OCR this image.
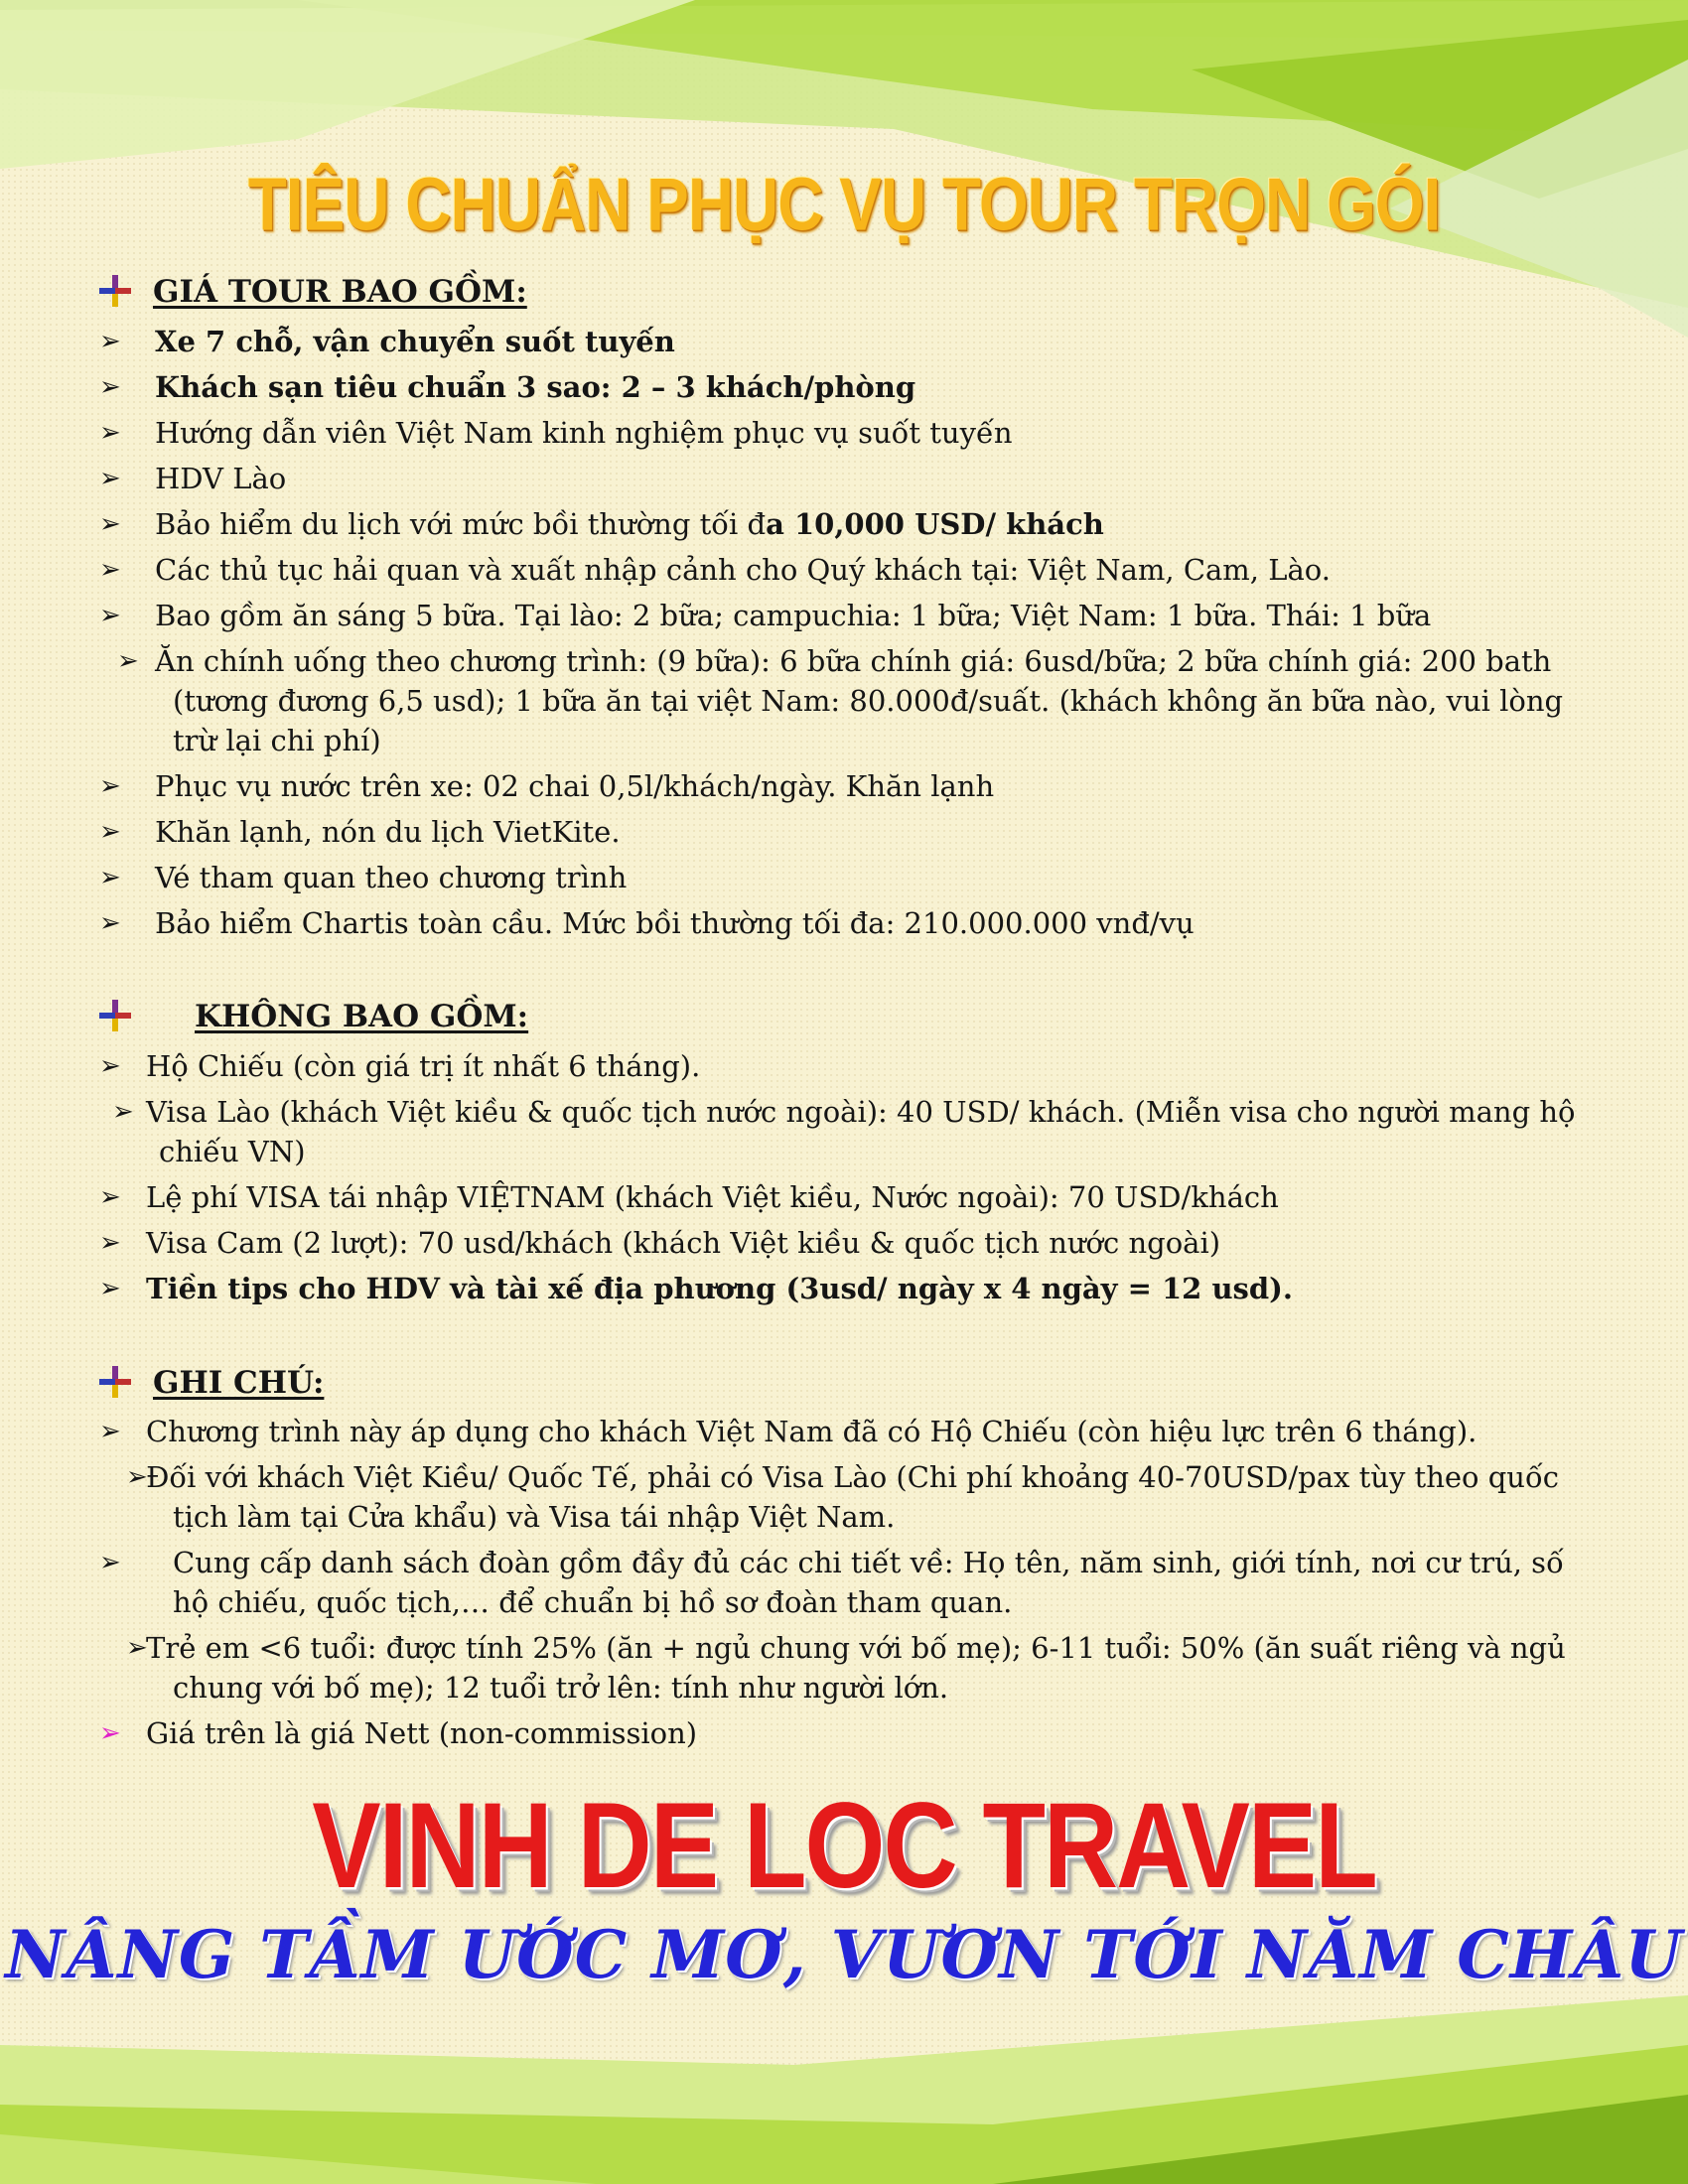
TIÊU CHUẨN PHỤC VỤ TOUR TRỌN GÓI
GIÁ TOUR BAO GỒM:
➢	Xe 7 chỗ, vận chuyển suốt tuyến
➢	Khách sạn tiêu chuẩn 3 sao: 2 – 3 khách/phòng
➢	Hướng dẫn viên Việt Nam kinh nghiệm phục vụ suốt tuyến
➢	HDV Lào
➢	Bảo hiểm du lịch với mức bồi thường tối đa 10,000 USD/ khách
➢	Các thủ tục hải quan và xuất nhập cảnh cho Quý khách tại: Việt Nam, Cam, Lào.
➢	Bao gồm ăn sáng 5 bữa. Tại lào: 2 bữa; campuchia: 1 bữa; Việt Nam: 1 bữa. Thái: 1 bữa
➢ Ăn chính uống theo chương trình: (9 bữa): 6 bữa chính giá: 6usd/bữa; 2 bữa chính giá: 200 bath (tương đương 6,5 usd); 1 bữa ăn tại việt Nam: 80.000đ/suất. (khách không ăn bữa nào, vui lòng trừ lại chi phí)
➢	Phục vụ nước trên xe: 02 chai 0,5l/khách/ngày. Khăn lạnh
➢	Khăn lạnh, nón du lịch VietKite.
➢	Vé tham quan theo chương trình
➢	Bảo hiểm Chartis toàn cầu. Mức bồi thường tối đa: 210.000.000 vnđ/vụ
KHÔNG BAO GỒM:
➢ Hộ Chiếu (còn giá trị ít nhất 6 tháng).
➢ Visa Lào (khách Việt kiều & quốc tịch nước ngoài): 40 USD/ khách. (Miễn visa cho người mang hộ chiếu VN)
➢ Lệ phí VISA tái nhập VIỆTNAM (khách Việt kiều, Nước ngoài): 70 USD/khách
➢ Visa Cam (2 lượt): 70 usd/khách (khách Việt kiều & quốc tịch nước ngoài)
➢ Tiền tips cho HDV và tài xế địa phương (3usd/ ngày x 4 ngày = 12 usd).
GHI CHÚ:
➢ Chương trình này áp dụng cho khách Việt Nam đã có Hộ Chiếu (còn hiệu lực trên 6 tháng).
➢
Đối với khách Việt Kiều/ Quốc Tế, phải có Visa Lào (Chi phí khoảng 40-70USD/pax tùy theo quốc tịch làm tại Cửa khẩu) và Visa tái nhập Việt Nam.
➢	Cung cấp danh sách đoàn gồm đầy đủ các chi tiết về: Họ tên, năm sinh, giới tính, nơi cư trú, số hộ chiếu, quốc tịch,… để chuẩn bị hồ sơ đoàn tham quan.
➢
Trẻ em <6 tuổi: được tính 25% (ăn + ngủ chung với bố mẹ); 6-11 tuổi: 50% (ăn suất riêng và ngủ chung với bố mẹ); 12 tuổi trở lên: tính như người lớn.
➢ Giá trên là giá Nett (non-commission)
VINH DE LOC TRAVEL
NÂNG TẦM ƯỚC MƠ, VƯƠN TỚI NĂM CHÂU
